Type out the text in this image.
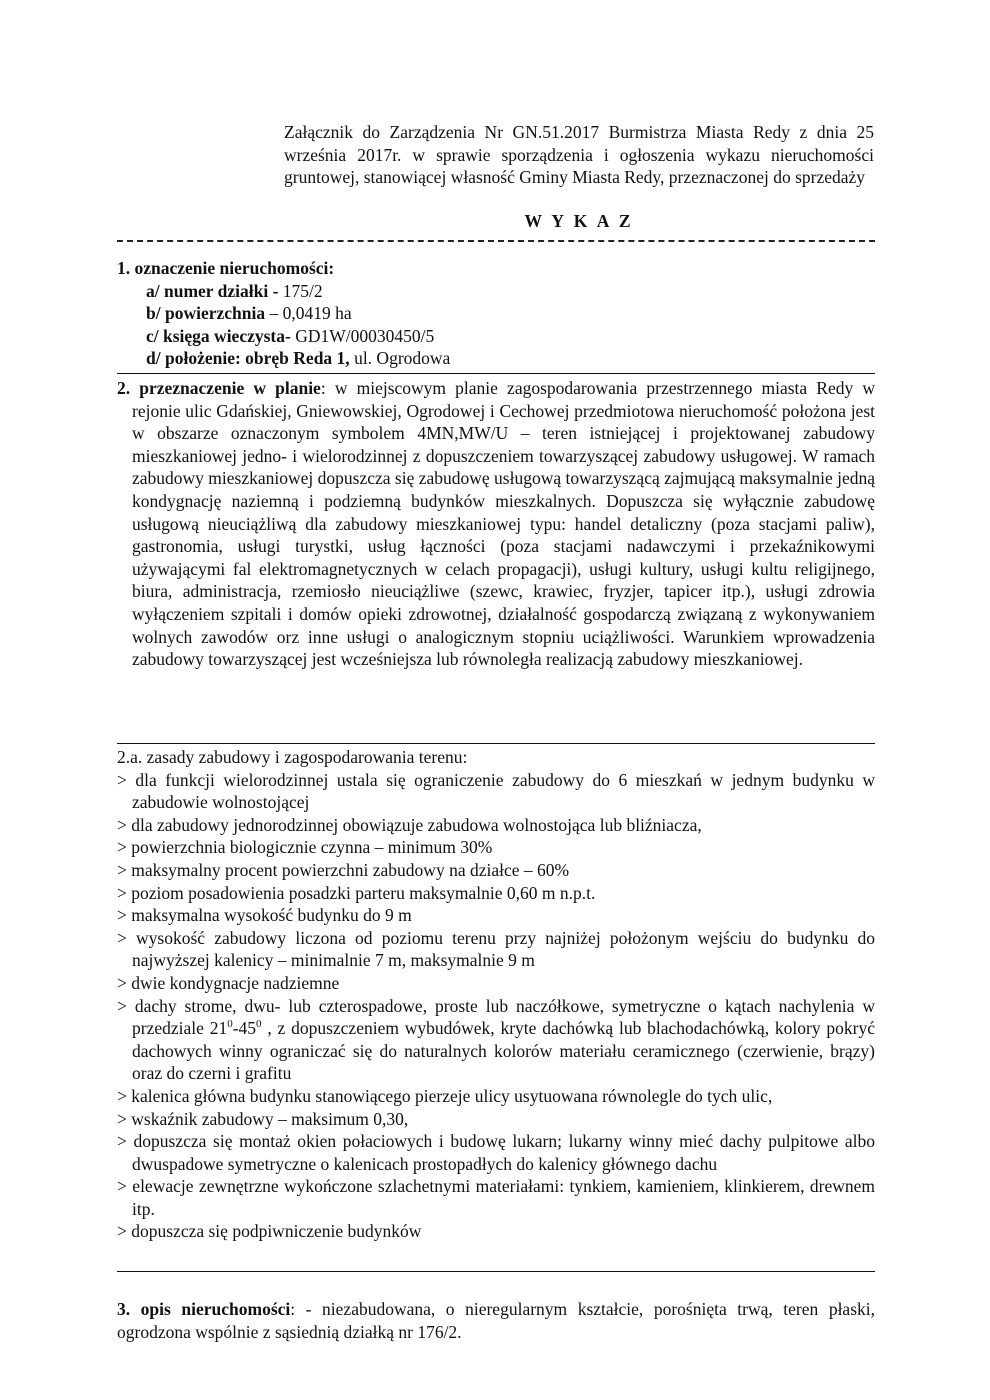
Załącznik do Zarządzenia Nr GN.51.2017 Burmistrza Miasta Redy z dnia 25 września 2017r. w sprawie sporządzenia i ogłoszenia wykazu nieruchomości gruntowej, stanowiącej własność Gminy Miasta Redy, przeznaczonej do sprzedaży

W Y K A Z

1. oznaczenie nieruchomości:

a/ numer działki - 175/2

b/ powierzchnia – 0,0419 ha

c/ księga wieczysta- GD1W/00030450/5

d/ położenie: obręb Reda 1, ul. Ogrodowa

2. przeznaczenie w planie: w miejscowym planie zagospodarowania przestrzennego miasta Redy w rejonie ulic Gdańskiej, Gniewowskiej, Ogrodowej i Cechowej przedmiotowa nieruchomość położona jest w obszarze oznaczonym symbolem 4MN,MW/U – teren istniejącej i projektowanej zabudowy mieszkaniowej jedno- i wielorodzinnej z dopuszczeniem towarzyszącej zabudowy usługowej. W ramach zabudowy mieszkaniowej dopuszcza się zabudowę usługową towarzyszącą zajmującą maksymalnie jedną kondygnację naziemną i podziemną budynków mieszkalnych. Dopuszcza się wyłącznie zabudowę usługową nieuciążliwą dla zabudowy mieszkaniowej typu: handel detaliczny (poza stacjami paliw), gastronomia, usługi turystki, usług łączności (poza stacjami nadawczymi i przekaźnikowymi używającymi fal elektromagnetycznych w celach propagacji), usługi kultury, usługi kultu religijnego, biura, administracja, rzemiosło nieuciążliwe (szewc, krawiec, fryzjer, tapicer itp.), usługi zdrowia wyłączeniem szpitali i domów opieki zdrowotnej, działalność gospodarczą związaną z wykonywaniem wolnych zawodów orz inne usługi o analogicznym stopniu uciążliwości. Warunkiem wprowadzenia zabudowy towarzyszącej jest wcześniejsza lub równoległa realizacją zabudowy mieszkaniowej.

2.a. zasady zabudowy i zagospodarowania terenu:

> dla funkcji wielorodzinnej ustala się ograniczenie zabudowy do 6 mieszkań w jednym budynku w zabudowie wolnostojącej

> dla zabudowy jednorodzinnej obowiązuje zabudowa wolnostojąca lub bliźniacza,

> powierzchnia biologicznie czynna – minimum 30%

> maksymalny procent powierzchni zabudowy na działce – 60%

> poziom posadowienia posadzki parteru maksymalnie 0,60 m n.p.t.

> maksymalna wysokość budynku do 9 m

> wysokość zabudowy liczona od poziomu terenu przy najniżej położonym wejściu do budynku do najwyższej kalenicy – minimalnie 7 m, maksymalnie 9 m

> dwie kondygnacje nadziemne

> dachy strome, dwu- lub czterospadowe, proste lub naczółkowe, symetryczne o kątach nachylenia w przedziale $21^0-45^0$ , z dopuszczeniem wybudówek, kryte dachówką lub blachodachówką, kolory pokryć dachowych winny ograniczać się do naturalnych kolorów materiału ceramicznego (czerwienie, brązy) oraz do czerni i grafitu

> kalenica główna budynku stanowiącego pierzeje ulicy usytuowana równolegle do tych ulic,

> wskaźnik zabudowy – maksimum 0,30,

> dopuszcza się montaż okien połaciowych i budowę lukarn; lukarny winny mieć dachy pulpitowe albo dwuspadowe symetryczne o kalenicach prostopadłych do kalenicy głównego dachu

> elewacje zewnętrzne wykończone szlachetnymi materiałami: tynkiem, kamieniem, klinkierem, drewnem itp.

> dopuszcza się podpiwniczenie budynków

3. opis nieruchomości: - niezabudowana, o nieregularnym kształcie, porośnięta trwą, teren płaski, ogrodzona wspólnie z sąsiednią działką nr 176/2.
